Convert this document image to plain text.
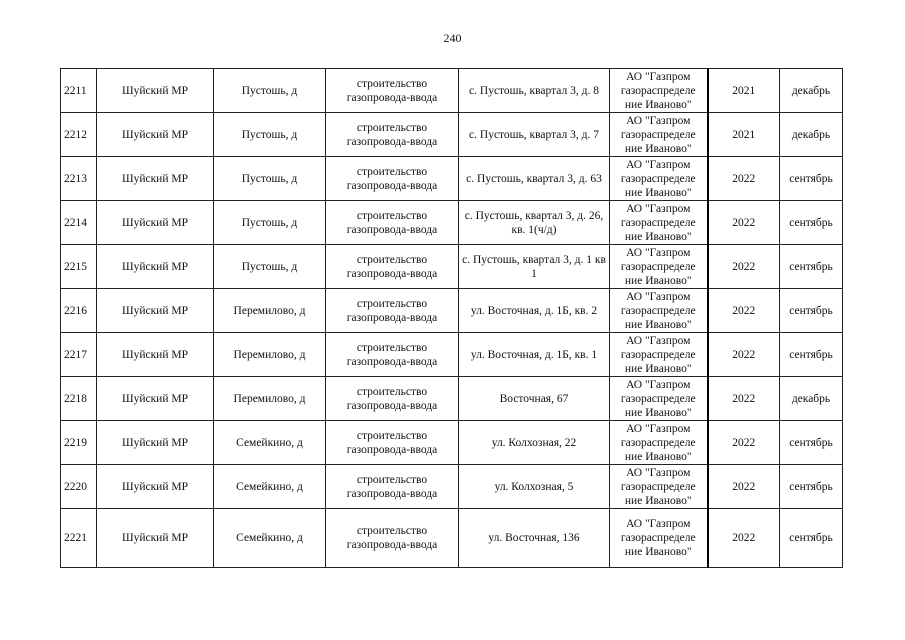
240
2211	Шуйский МР	Пустошь, д	строительство газопровода-ввода	с. Пустошь, квартал 3, д. 8	АО "Газпром газораспределе ние Иваново"	2021	декабрь
2212	Шуйский МР	Пустошь, д	строительство газопровода-ввода	с. Пустошь, квартал 3, д. 7	АО "Газпром газораспределе ние Иваново"	2021	декабрь
2213	Шуйский МР	Пустошь, д	строительство газопровода-ввода	с. Пустошь, квартал 3, д. 63	АО "Газпром газораспределе ние Иваново"	2022	сентябрь
2214	Шуйский МР	Пустошь, д	строительство газопровода-ввода	с. Пустошь, квартал 3, д. 26, кв. 1(ч/д)	АО "Газпром газораспределе ние Иваново"	2022	сентябрь
2215	Шуйский МР	Пустошь, д	строительство газопровода-ввода	с. Пустошь, квартал 3, д. 1 кв 1	АО "Газпром газораспределе ние Иваново"	2022	сентябрь
2216	Шуйский МР	Перемилово, д	строительство газопровода-ввода	ул. Восточная, д. 1Б, кв. 2	АО "Газпром газораспределе ние Иваново"	2022	сентябрь
2217	Шуйский МР	Перемилово, д	строительство газопровода-ввода	ул. Восточная, д. 1Б, кв. 1	АО "Газпром газораспределе ние Иваново"	2022	сентябрь
2218	Шуйский МР	Перемилово, д	строительство газопровода-ввода	Восточная, 67	АО "Газпром газораспределе ние Иваново"	2022	декабрь
2219	Шуйский МР	Семейкино, д	строительство газопровода-ввода	ул. Колхозная, 22	АО "Газпром газораспределе ние Иваново"	2022	сентябрь
2220	Шуйский МР	Семейкино, д	строительство газопровода-ввода	ул. Колхозная, 5	АО "Газпром газораспределе ние Иваново"	2022	сентябрь
2221	Шуйский МР	Семейкино, д	строительство газопровода-ввода	ул. Восточная, 136	АО "Газпром газораспределе ние Иваново"	2022	сентябрь
